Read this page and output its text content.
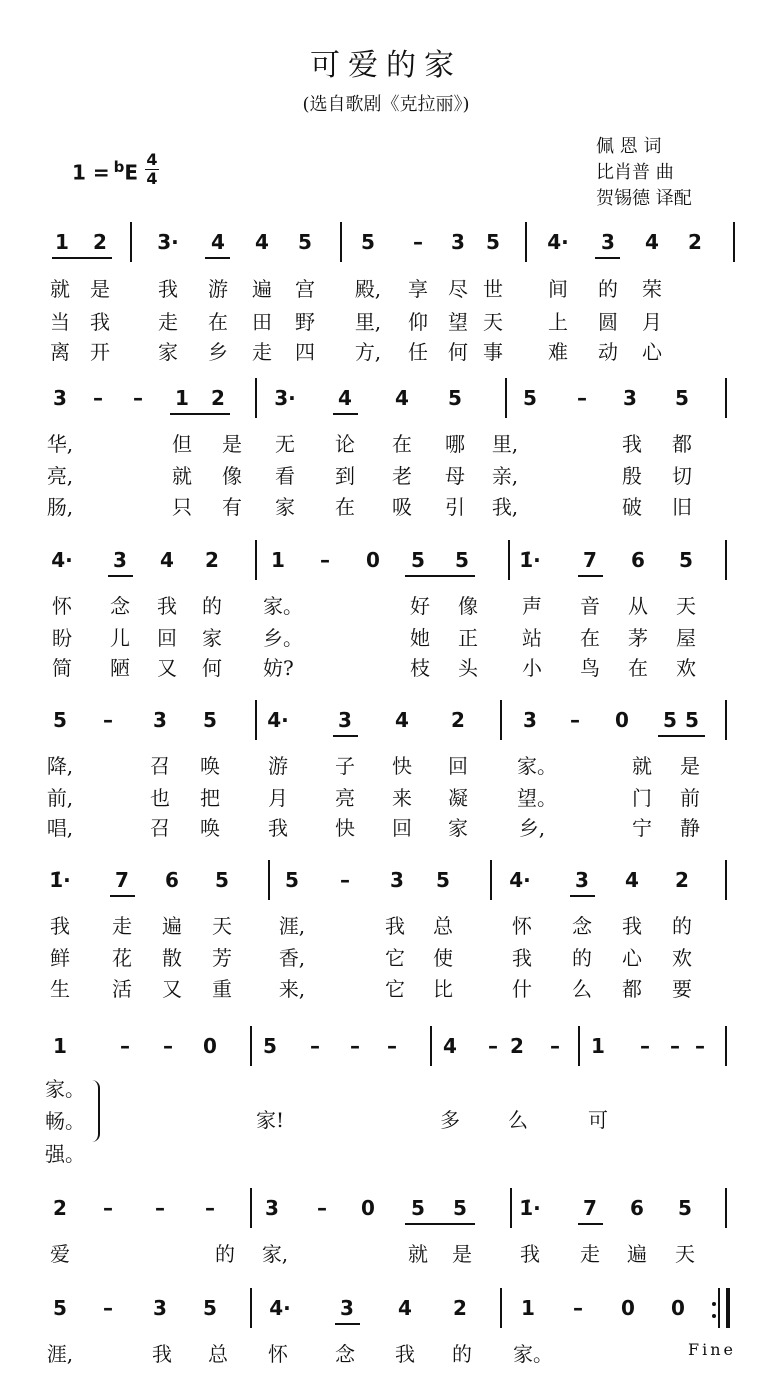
可爱的家
(选自歌剧《克拉丽》)
佩 恩 词
比肖普 曲
贺锡德 译配
1 = $^b$E
4
4
1 2	3· 4 4 5 5	–	3 5 4· 3 4 2
就 是 我 游 遍 宫 殿, 享 尽 世 间 的 荣
当 我 走 在 田 野 里, 仰 望 天 上 圆 月
离 开 家 乡 走 四 方, 任 何 事 难 动 心
3	–	–	1 2 3· 4 4 5	5	–	3 5
华,	但 是 无 论 在 哪 里,	我 都
亮,	就 像 看 到 老 母 亲,	殷 切
肠,	只 有 家 在 吸 引 我,	破 旧
4· 3 4 2	1	–	0 5 5	1̇· 7 6 5
怀 念 我 的 家。	好 像 声 音 从 天
盼 儿 回 家 乡。	她 正 站 在 茅 屋
简 陋 又 何 妨?	枝 头 小 鸟 在 欢
5	–	3 5	4· 3 4 2	3	–	0 5 5
降,	召 唤 游 子 快 回 家。	就 是
前,	也 把 月 亮 来 凝 望。	门 前
唱,	召 唤 我 快 回 家	乡,	宁 静
1̇· 7 6 5	5	–	3 5	4· 3 4 2
我 走 遍 天 涯,	我 总	怀 念 我 的
鲜 花 散 芳 香,	它 使	我 的 心 欢
生 活 又 重 来,	它 比	什 么 都 要
1	–	–	0 5	–	–	–	4	– 2	–	1	–	– –
家。
畅。
强。
家!	多 么	可
2	–	–	–	3	–	0 5 5	1̇· 7 6 5
爱	的 家,	就 是 我 走 遍 天
5	–	3 5	4· 3 4 2	1	–	0 0
涯,	我 总 怀 念 我 的 家。	Fine
